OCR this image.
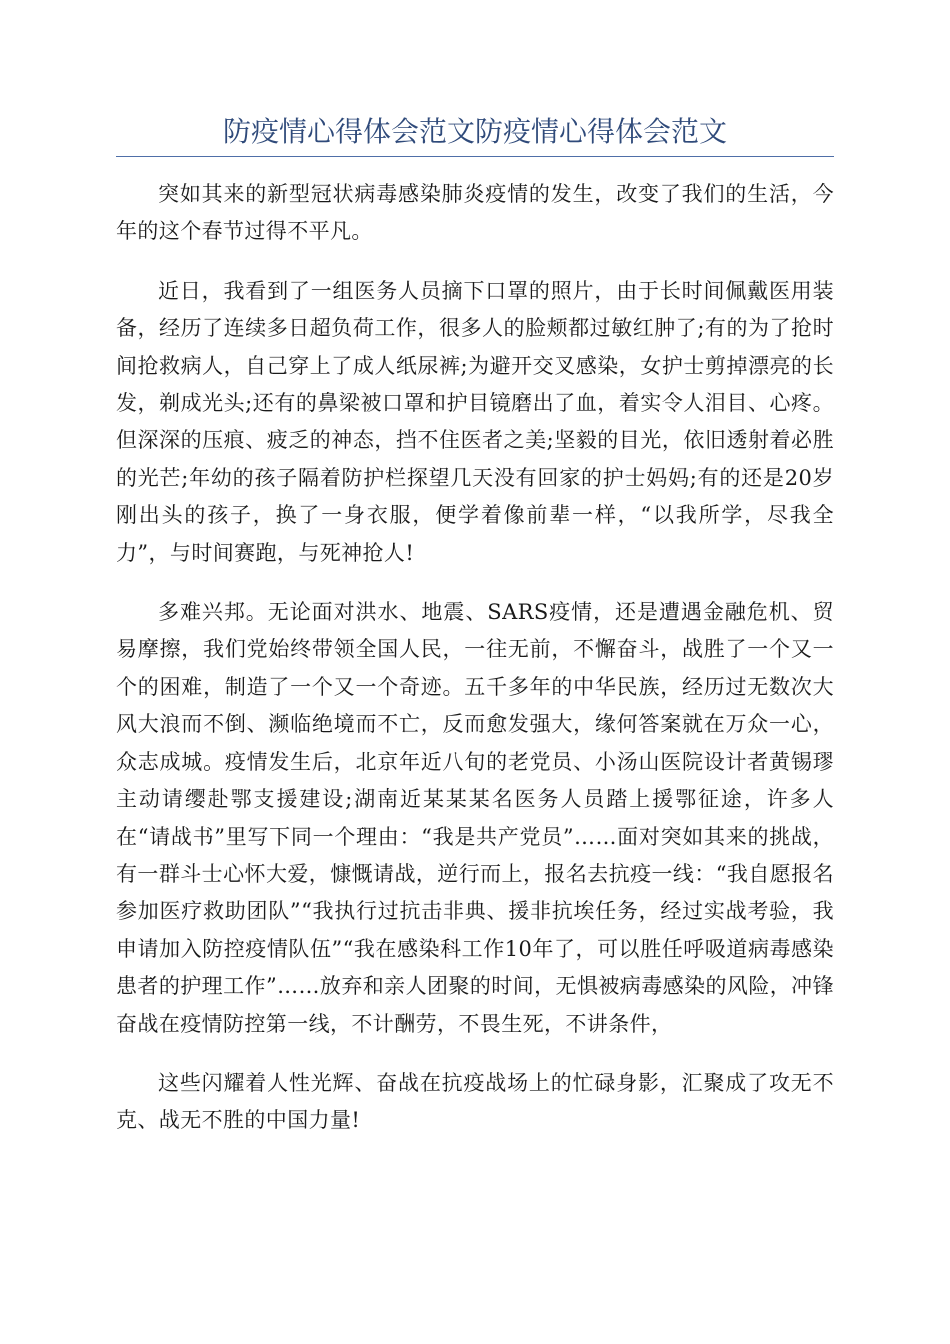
防疫情心得体会范文防疫情心得体会范文

突如其来的新型冠状病毒感染肺炎疫情的发生，改变了我们的生活，今年的这个春节过得不平凡。

近日，我看到了一组医务人员摘下口罩的照片，由于长时间佩戴医用装备，经历了连续多日超负荷工作，很多人的脸颊都过敏红肿了;有的为了抢时间抢救病人，自己穿上了成人纸尿裤;为避开交叉感染，女护士剪掉漂亮的长发，剃成光头;还有的鼻梁被口罩和护目镜磨出了血，着实令人泪目、心疼。但深深的压痕、疲乏的神态，挡不住医者之美;坚毅的目光，依旧透射着必胜的光芒;年幼的孩子隔着防护栏探望几天没有回家的护士妈妈;有的还是20岁刚出头的孩子，换了一身衣服，便学着像前辈一样，“以我所学，尽我全力”，与时间赛跑，与死神抢人!

多难兴邦。无论面对洪水、地震、SARS疫情，还是遭遇金融危机、贸易摩擦，我们党始终带领全国人民，一往无前，不懈奋斗，战胜了一个又一个的困难，制造了一个又一个奇迹。五千多年的中华民族，经历过无数次大风大浪而不倒、濒临绝境而不亡，反而愈发强大，缘何答案就在万众一心，众志成城。疫情发生后，北京年近八旬的老党员、小汤山医院设计者黄锡璆主动请缨赴鄂支援建设;湖南近某某某名医务人员踏上援鄂征途，许多人在“请战书”里写下同一个理由：“我是共产党员”……面对突如其来的挑战，有一群斗士心怀大爱，慷慨请战，逆行而上，报名去抗疫一线：“我自愿报名参加医疗救助团队”“我执行过抗击非典、援非抗埃任务，经过实战考验，我申请加入防控疫情队伍”“我在感染科工作10年了，可以胜任呼吸道病毒感染患者的护理工作”……放弃和亲人团聚的时间，无惧被病毒感染的风险，冲锋奋战在疫情防控第一线，不计酬劳，不畏生死，不讲条件，

这些闪耀着人性光辉、奋战在抗疫战场上的忙碌身影，汇聚成了攻无不克、战无不胜的中国力量!
